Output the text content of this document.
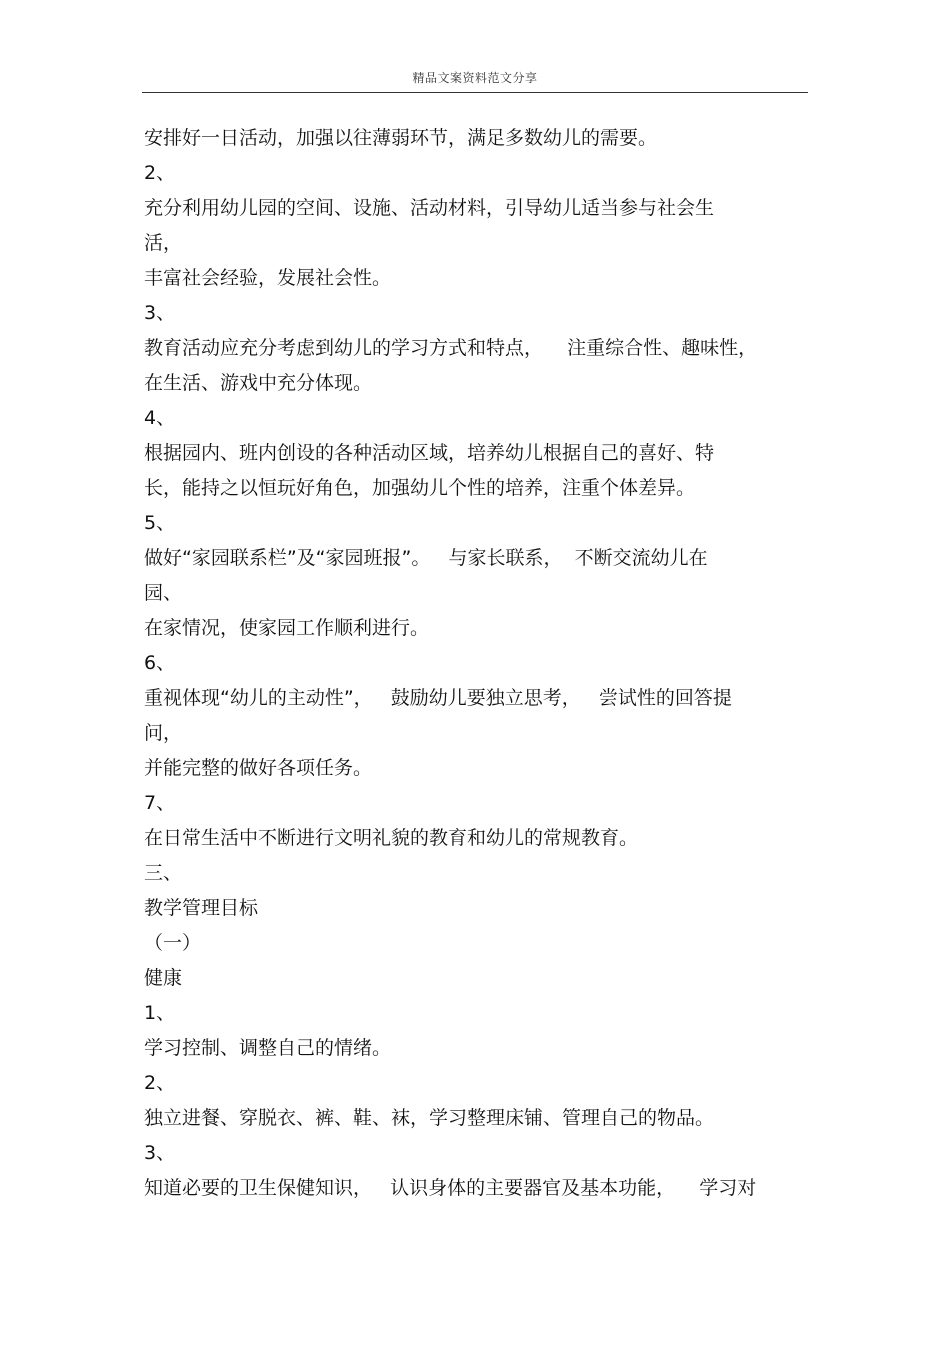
精品文案资料范文分享
安排好一日活动，加强以往薄弱环节，满足多数幼儿的需要。
2、
充分利用幼儿园的空间、设施、活动材料，引导幼儿适当参与社会生
活，
丰富社会经验，发展社会性。
3、
教育活动应充分考虑到幼儿的学习方式和特点，    注重综合性、趣味性，
在生活、游戏中充分体现。
4、
根据园内、班内创设的各种活动区域，培养幼儿根据自己的喜好、特
长，能持之以恒玩好角色，加强幼儿个性的培养，注重个体差异。
5、
做好“家园联系栏”及“家园班报”。   与家长联系，  不断交流幼儿在
园、
在家情况，使家园工作顺利进行。
6、
重视体现“幼儿的主动性”，   鼓励幼儿要独立思考，   尝试性的回答提
问，
并能完整的做好各项任务。
7、
在日常生活中不断进行文明礼貌的教育和幼儿的常规教育。
三、
教学管理目标
（一）
健康
1、
学习控制、调整自己的情绪。
2、
独立进餐、穿脱衣、裤、鞋、袜，学习整理床铺、管理自己的物品。
3、
知道必要的卫生保健知识，   认识身体的主要器官及基本功能，    学习对
